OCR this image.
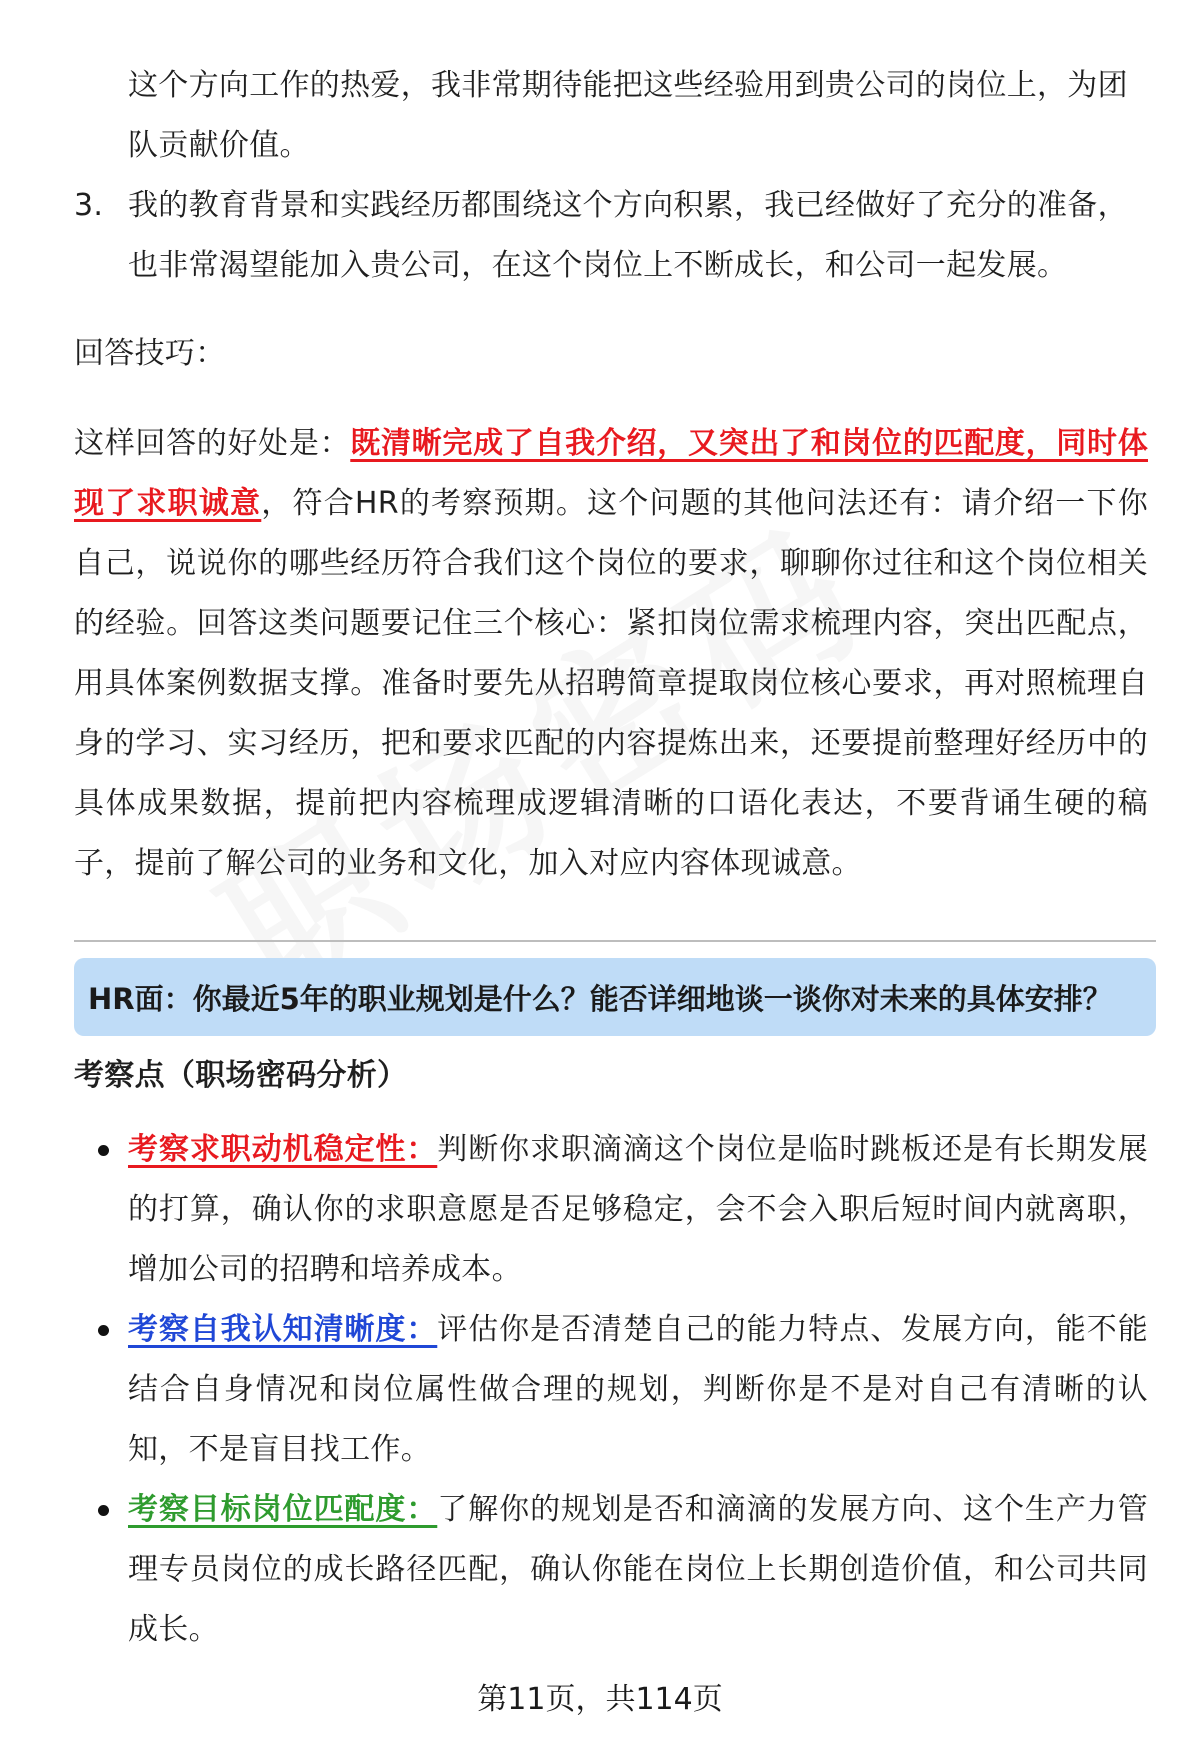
这个方向工作的热爱，我非常期待能把这些经验用到贵公司的岗位上，为团队贡献价值。
3. 我的教育背景和实践经历都围绕这个方向积累，我已经做好了充分的准备，也非常渴望能加入贵公司，在这个岗位上不断成长，和公司一起发展。
回答技巧：
这样回答的好处是：既清晰完成了自我介绍，又突出了和岗位的匹配度，同时体现了求职诚意，符合HR的考察预期。这个问题的其他问法还有：请介绍一下你自己，说说你的哪些经历符合我们这个岗位的要求，聊聊你过往和这个岗位相关的经验。回答这类问题要记住三个核心：紧扣岗位需求梳理内容，突出匹配点，用具体案例数据支撑。准备时要先从招聘简章提取岗位核心要求，再对照梳理自身的学习、实习经历，把和要求匹配的内容提炼出来，还要提前整理好经历中的具体成果数据，提前把内容梳理成逻辑清晰的口语化表达，不要背诵生硬的稿子，提前了解公司的业务和文化，加入对应内容体现诚意。
HR面：你最近5年的职业规划是什么？能否详细地谈一谈你对未来的具体安排？
考察点（职场密码分析）
考察求职动机稳定性：判断你求职滴滴这个岗位是临时跳板还是有长期发展的打算，确认你的求职意愿是否足够稳定，会不会入职后短时间内就离职，增加公司的招聘和培养成本。
考察自我认知清晰度：评估你是否清楚自己的能力特点、发展方向，能不能结合自身情况和岗位属性做合理的规划，判断你是不是对自己有清晰的认知，不是盲目找工作。
考察目标岗位匹配度：了解你的规划是否和滴滴的发展方向、这个生产力管理专员岗位的成长路径匹配，确认你能在岗位上长期创造价值，和公司共同成长。
第11页，共114页
